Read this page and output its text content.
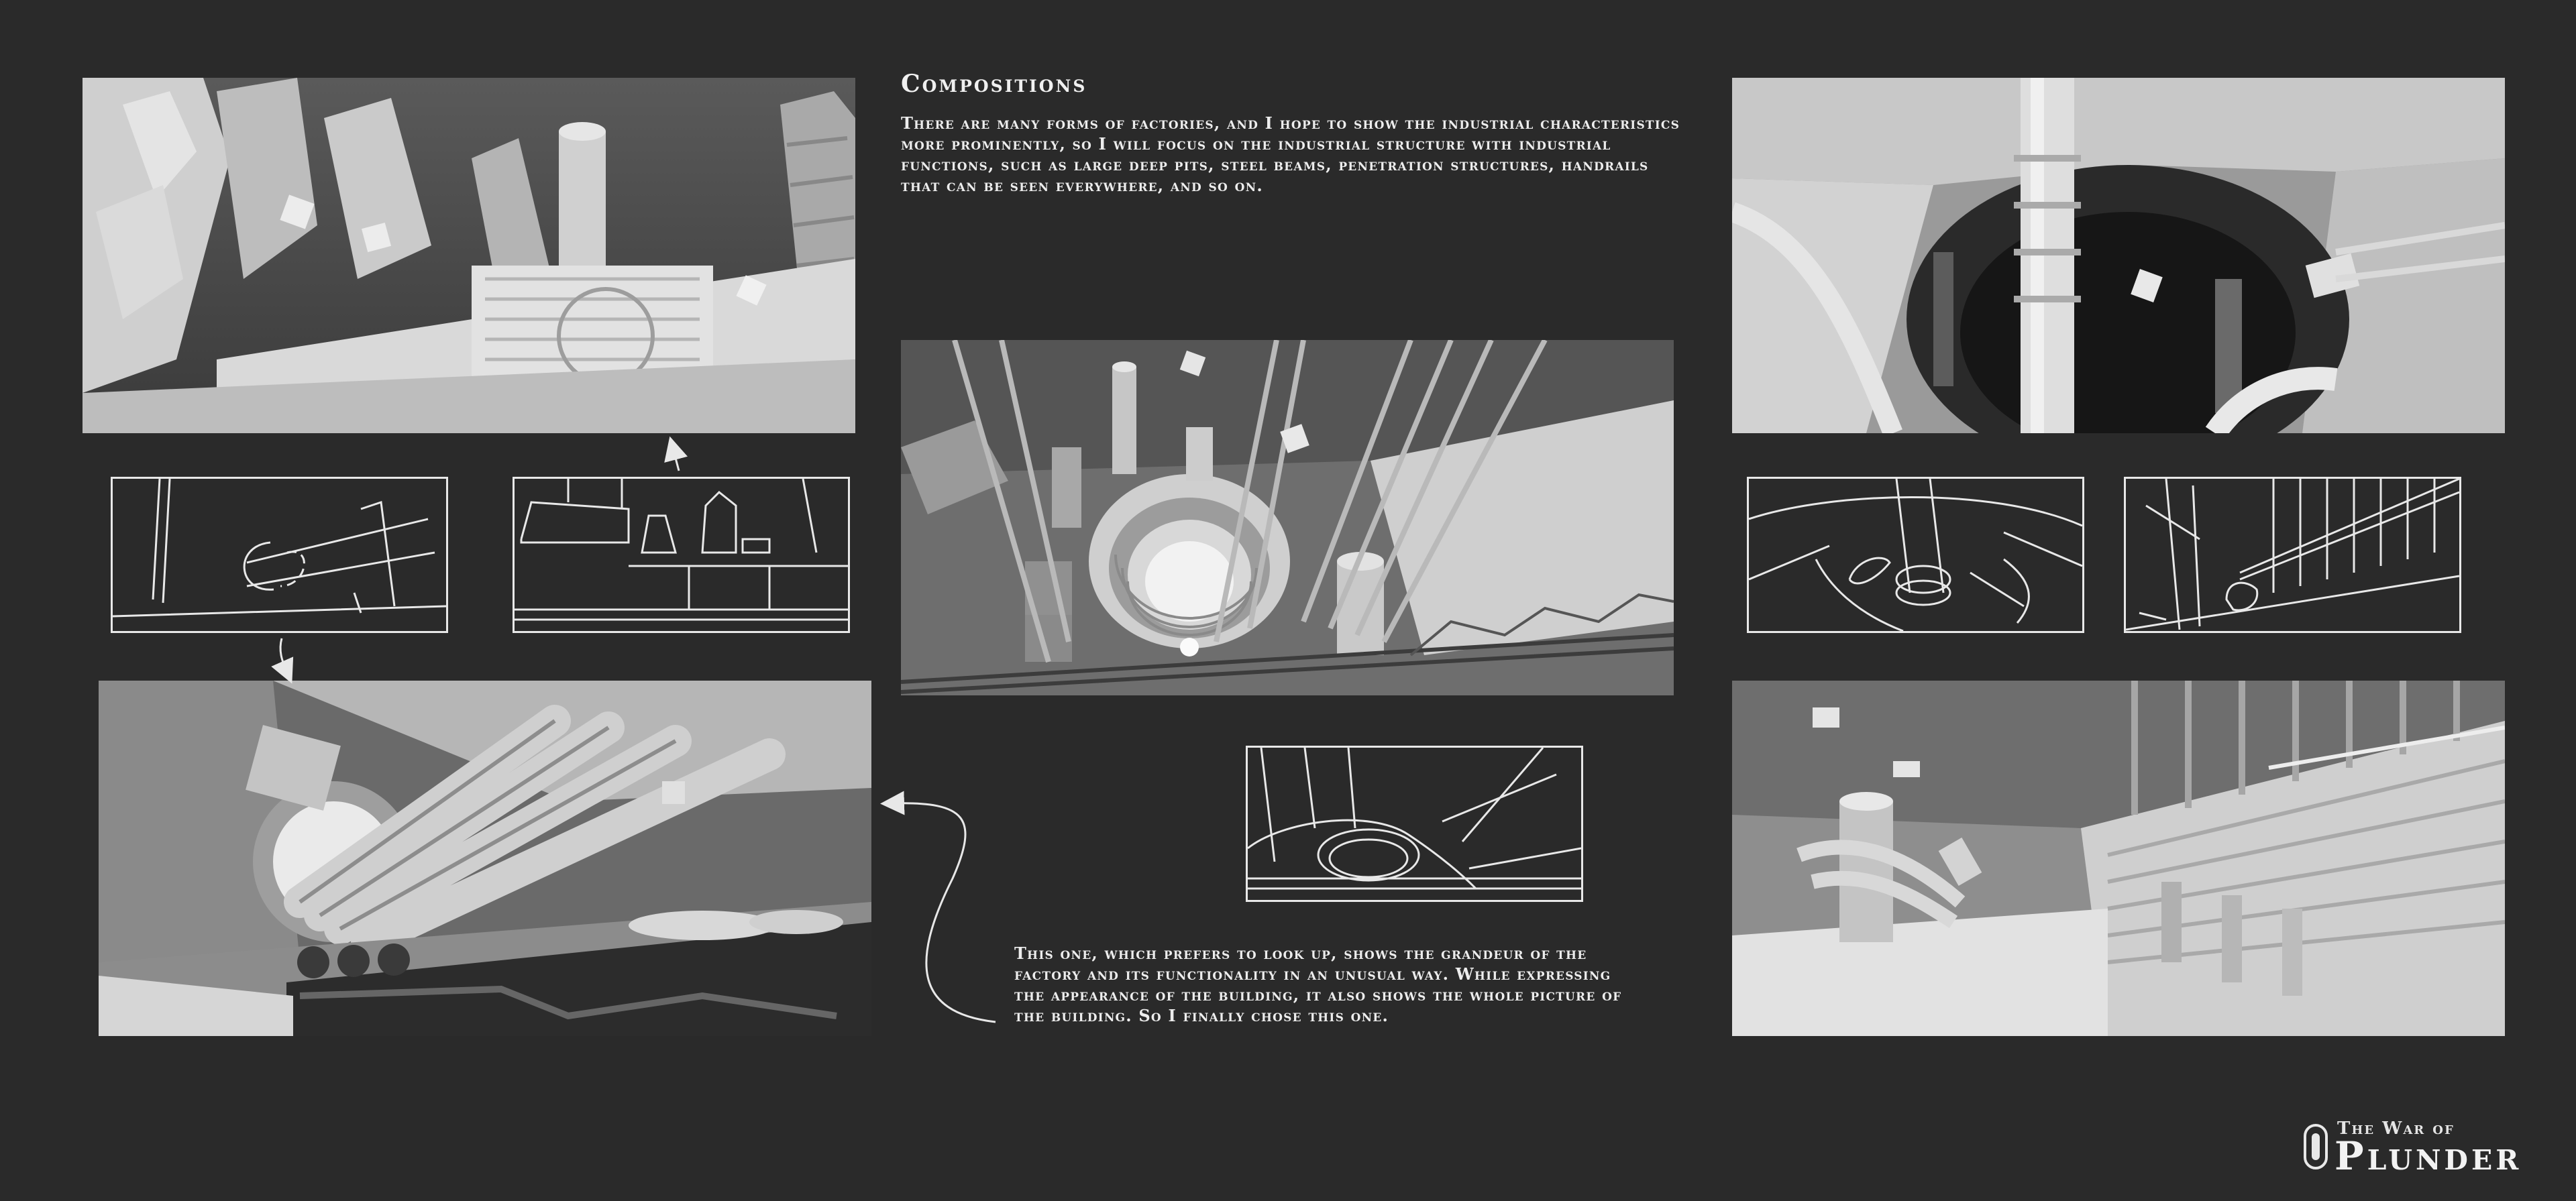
Compositions
There are many forms of factories, and I hope to show the industrial characteristics more prominently, so I will focus on the industrial structure with industrial functions, such as large deep pits, steel beams, penetration structures, handrails that can be seen everywhere, and so on.
This one, which prefers to look up, shows the grandeur of the factory and its functionality in an unusual way. While expressing the appearance of the building, it also shows the whole picture of the building. So I finally chose this one.
The War of
Plunder
